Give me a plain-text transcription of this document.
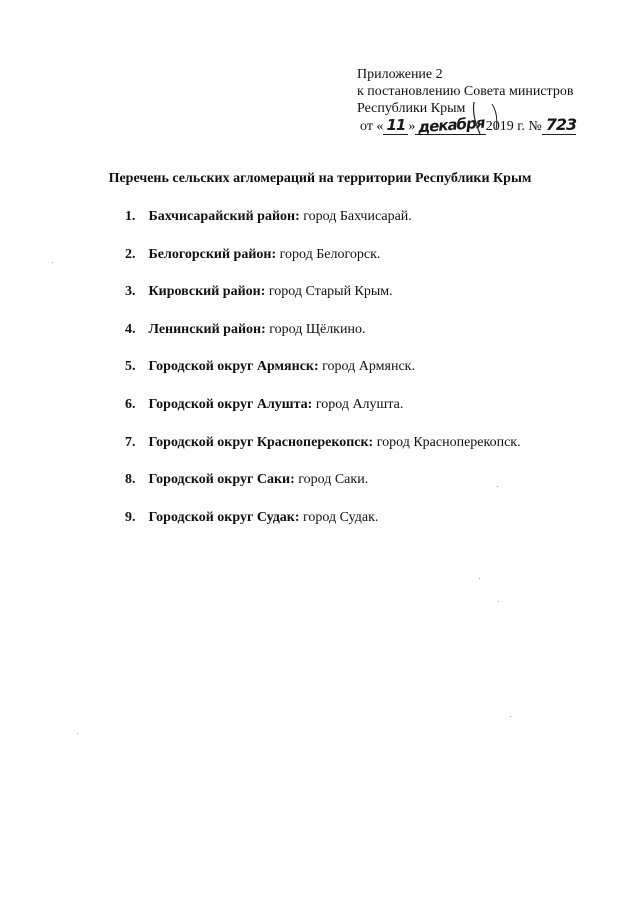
Приложение 2
к постановлению Совета министров
Республики Крым
от « 11 » декабря2019 г. № 723
Перечень сельских агломераций на территории Республики Крым
1. Бахчисарайский район: город Бахчисарай.
2. Белогорский район: город Белогорск.
3. Кировский район: город Старый Крым.
4. Ленинский район: город Щёлкино.
5. Городской округ Армянск: город Армянск.
6. Городской округ Алушта: город Алушта.
7. Городской округ Красноперекопск: город Красноперекопск.
8. Городской округ Саки: город Саки.
9. Городской округ Судак: город Судак.
